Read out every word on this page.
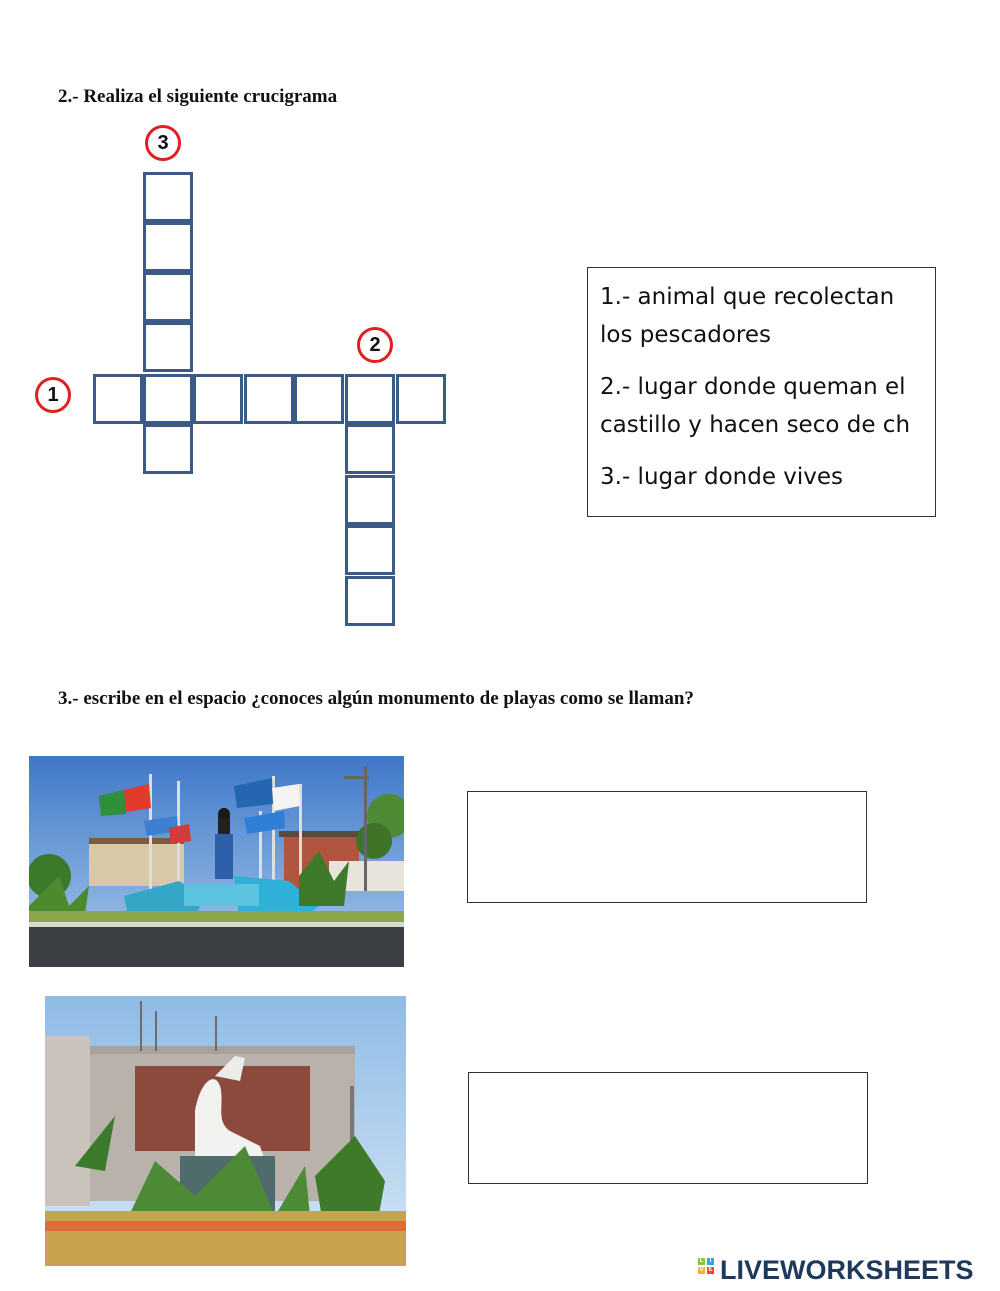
2.- Realiza el siguiente crucigrama
3
1
2

1.- animal que recolectan los pescadores

2.- lugar donde queman el castillo y hacen seco de ch

3.- lugar donde vives

3.- escribe en el espacio ¿conoces algún monumento de playas como se llaman?
L	I
V E LIVEWORKSHEETS
